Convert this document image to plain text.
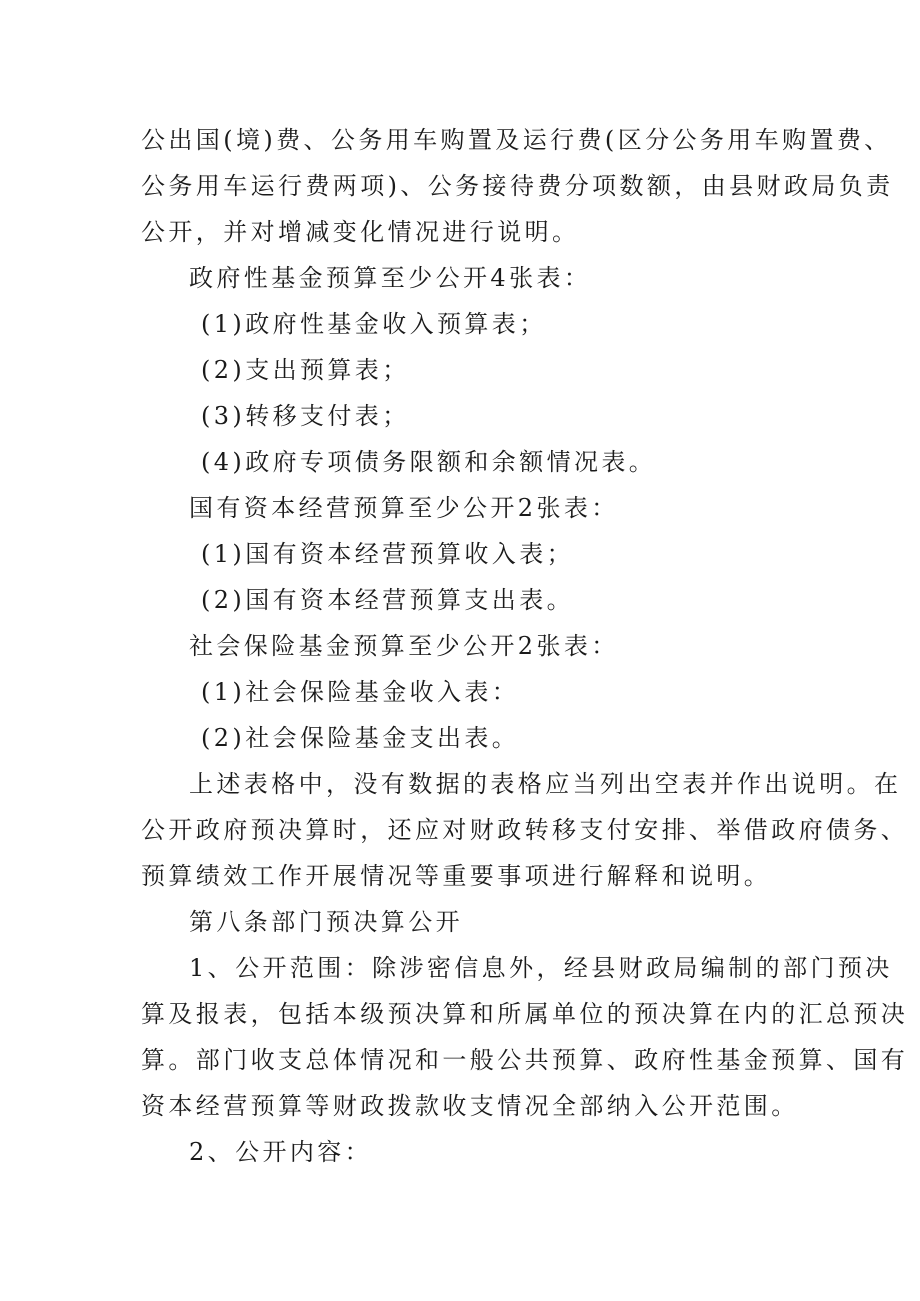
公出国(境)费、公务用车购置及运行费(区分公务用车购置费、
公务用车运行费两项)、公务接待费分项数额，由县财政局负责
公开，并对增减变化情况进行说明。
政府性基金预算至少公开4张表：
(1)政府性基金收入预算表；
(2)支出预算表；
(3)转移支付表；
(4)政府专项债务限额和余额情况表。
国有资本经营预算至少公开2张表：
(1)国有资本经营预算收入表；
(2)国有资本经营预算支出表。
社会保险基金预算至少公开2张表：
(1)社会保险基金收入表：
(2)社会保险基金支出表。
上述表格中，没有数据的表格应当列出空表并作出说明。在
公开政府预决算时，还应对财政转移支付安排、举借政府债务、
预算绩效工作开展情况等重要事项进行解释和说明。
第八条部门预决算公开
1、公开范围：除涉密信息外，经县财政局编制的部门预决
算及报表，包括本级预决算和所属单位的预决算在内的汇总预决
算。部门收支总体情况和一般公共预算、政府性基金预算、国有
资本经营预算等财政拨款收支情况全部纳入公开范围。
2、公开内容：
